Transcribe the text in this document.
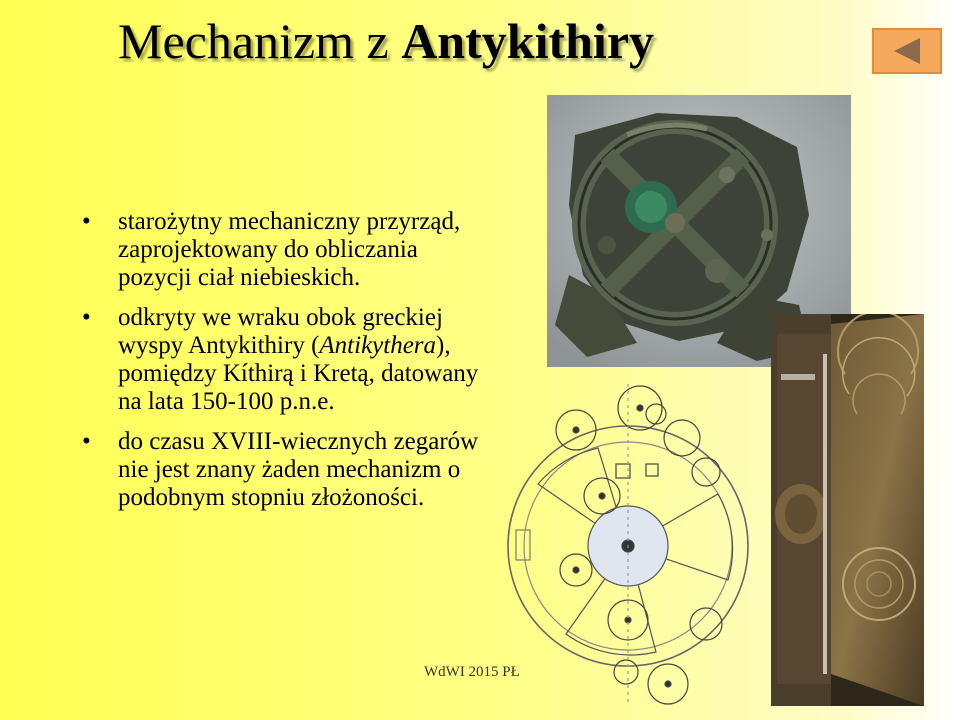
Mechanizm z Antykithiry
• starożytny mechaniczny przyrząd, zaprojektowany do obliczania pozycji ciał niebieskich.
• odkryty we wraku obok greckiej wyspy Antykithiry (Antikythera), pomiędzy Kíthirą i Kretą, datowany na lata 150-100 p.n.e.
• do czasu XVIII-wiecznych zegarów nie jest znany żaden mechanizm o podobnym stopniu złożoności.
WdWI 2015 PŁ
